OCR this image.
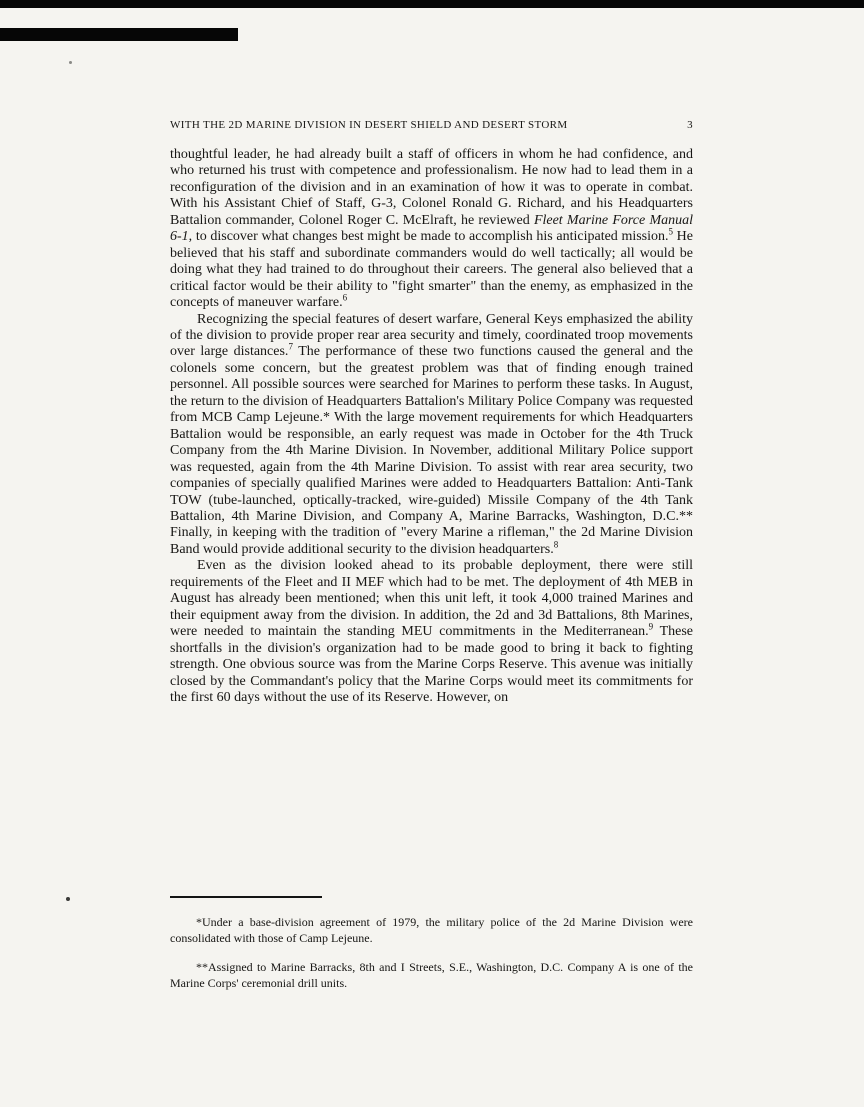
WITH THE 2D MARINE DIVISION IN DESERT SHIELD AND DESERT STORM	3

thoughtful leader, he had already built a staff of officers in whom he had confidence, and who returned his trust with competence and professionalism. He now had to lead them in a reconfiguration of the division and in an examination of how it was to operate in combat. With his Assistant Chief of Staff, G-3, Colonel Ronald G. Richard, and his Headquarters Battalion commander, Colonel Roger C. McElraft, he reviewed Fleet Marine Force Manual 6-1, to discover what changes best might be made to accomplish his anticipated mission.$^5$ He believed that his staff and subordinate commanders would do well tactically; all would be doing what they had trained to do throughout their careers. The general also believed that a critical factor would be their ability to "fight smarter" than the enemy, as emphasized in the concepts of maneuver warfare.$^6$

Recognizing the special features of desert warfare, General Keys emphasized the ability of the division to provide proper rear area security and timely, coordinated troop movements over large distances.$^7$ The performance of these two functions caused the general and the colonels some concern, but the greatest problem was that of finding enough trained personnel. All possible sources were searched for Marines to perform these tasks. In August, the return to the division of Headquarters Battalion's Military Police Company was requested from MCB Camp Lejeune.* With the large movement requirements for which Headquarters Battalion would be responsible, an early request was made in October for the 4th Truck Company from the 4th Marine Division. In November, additional Military Police support was requested, again from the 4th Marine Division. To assist with rear area security, two companies of specially qualified Marines were added to Headquarters Battalion: Anti-Tank TOW (tube-launched, optically-tracked, wire-guided) Missile Company of the 4th Tank Battalion, 4th Marine Division, and Company A, Marine Barracks, Washington, D.C.** Finally, in keeping with the tradition of "every Marine a rifleman," the 2d Marine Division Band would provide additional security to the division headquarters.$^8$

Even as the division looked ahead to its probable deployment, there were still requirements of the Fleet and II MEF which had to be met. The deployment of 4th MEB in August has already been mentioned; when this unit left, it took 4,000 trained Marines and their equipment away from the division. In addition, the 2d and 3d Battalions, 8th Marines, were needed to maintain the standing MEU commitments in the Mediterranean.$^9$ These shortfalls in the division's organization had to be made good to bring it back to fighting strength. One obvious source was from the Marine Corps Reserve. This avenue was initially closed by the Commandant's policy that the Marine Corps would meet its commitments for the first 60 days without the use of its Reserve. However, on

*Under a base-division agreement of 1979, the military police of the 2d Marine Division were consolidated with those of Camp Lejeune.

**Assigned to Marine Barracks, 8th and I Streets, S.E., Washington, D.C. Company A is one of the Marine Corps' ceremonial drill units.
